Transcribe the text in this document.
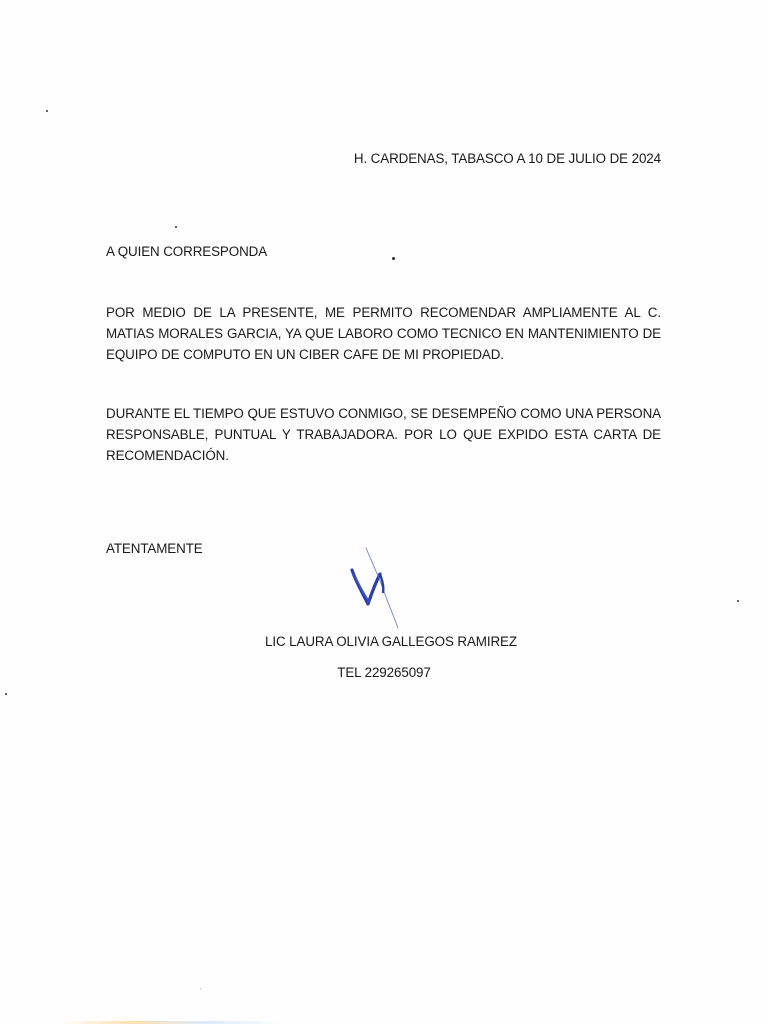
H. CARDENAS, TABASCO A 10 DE JULIO DE 2024
A QUIEN CORRESPONDA

POR MEDIO DE LA PRESENTE, ME PERMITO RECOMENDAR AMPLIAMENTE AL C. MATIAS MORALES GARCIA, YA QUE LABORO COMO TECNICO EN MANTENIMIENTO DE EQUIPO DE COMPUTO EN UN CIBER CAFE DE MI PROPIEDAD.

DURANTE EL TIEMPO QUE ESTUVO CONMIGO, SE DESEMPEÑO COMO UNA PERSONA RESPONSABLE, PUNTUAL Y TRABAJADORA. POR LO QUE EXPIDO ESTA CARTA DE RECOMENDACIÓN.

ATENTAMENTE
LIC LAURA OLIVIA GALLEGOS RAMIREZ
TEL 229265097
